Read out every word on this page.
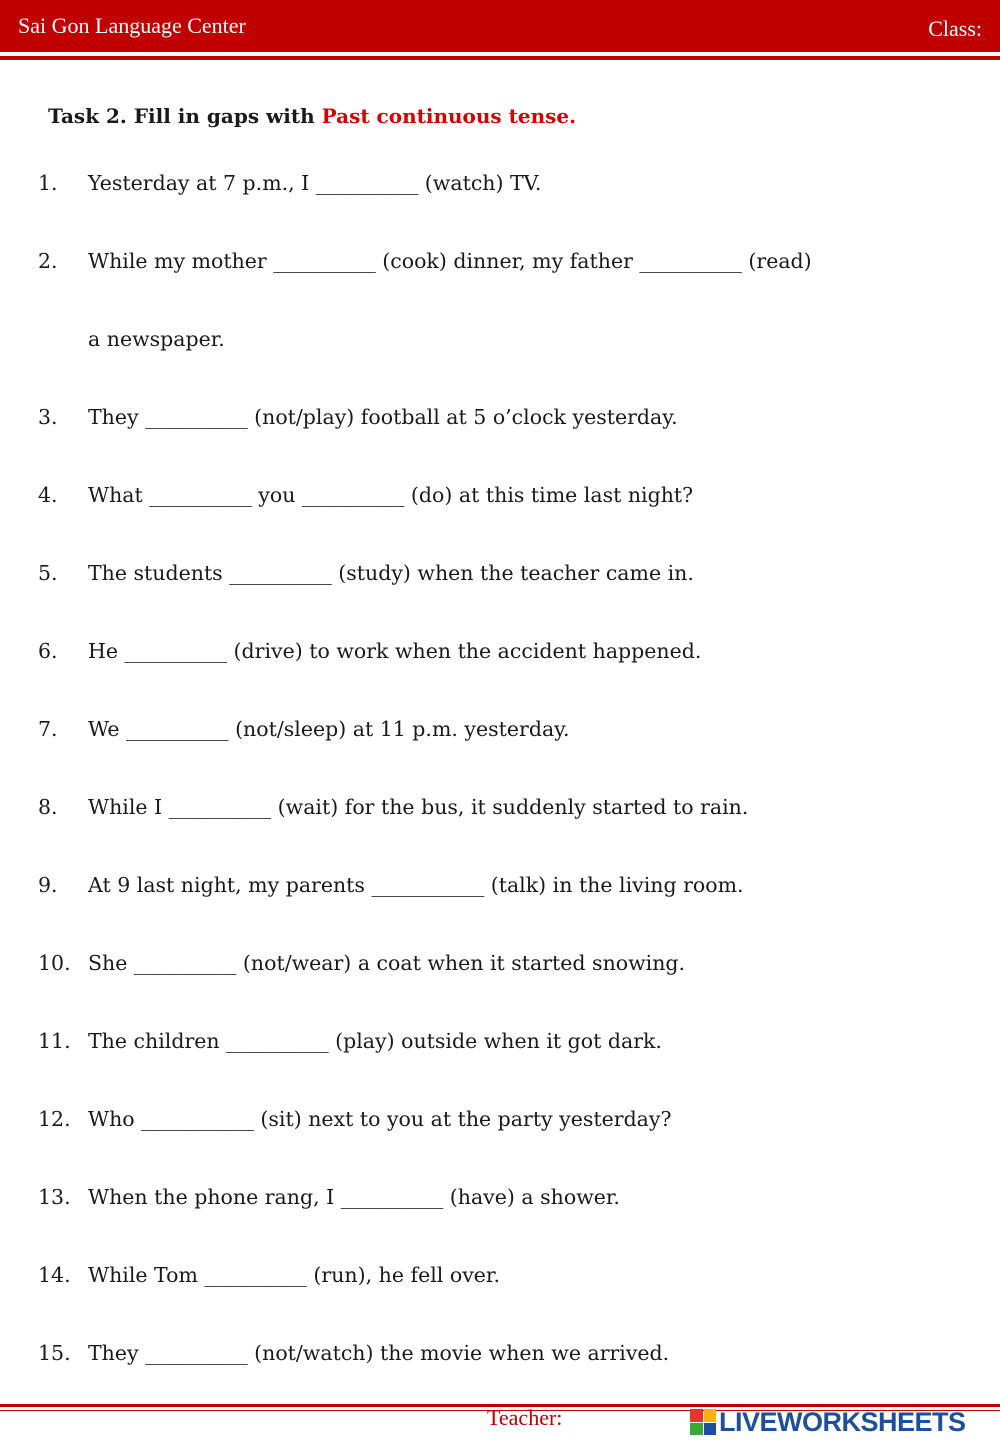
Sai Gon Language Center	Class:
Task 2. Fill in gaps with Past continuous tense.
1. Yesterday at 7 p.m., I __________ (watch) TV.
2. While my mother __________ (cook) dinner, my father __________ (read)
a newspaper.
3. They __________ (not/play) football at 5 o’clock yesterday.
4. What __________ you __________ (do) at this time last night?
5. The students __________ (study) when the teacher came in.
6. He __________ (drive) to work when the accident happened.
7. We __________ (not/sleep) at 11 p.m. yesterday.
8. While I __________ (wait) for the bus, it suddenly started to rain.
9. At 9 last night, my parents ___________ (talk) in the living room.
10. She __________ (not/wear) a coat when it started snowing.
11. The children __________ (play) outside when it got dark.
12. Who ___________ (sit) next to you at the party yesterday?
13. When the phone rang, I __________ (have) a shower.
14. While Tom __________ (run), he fell over.
15. They __________ (not/watch) the movie when we arrived.
Teacher:	LIVEWORKSHEETS
